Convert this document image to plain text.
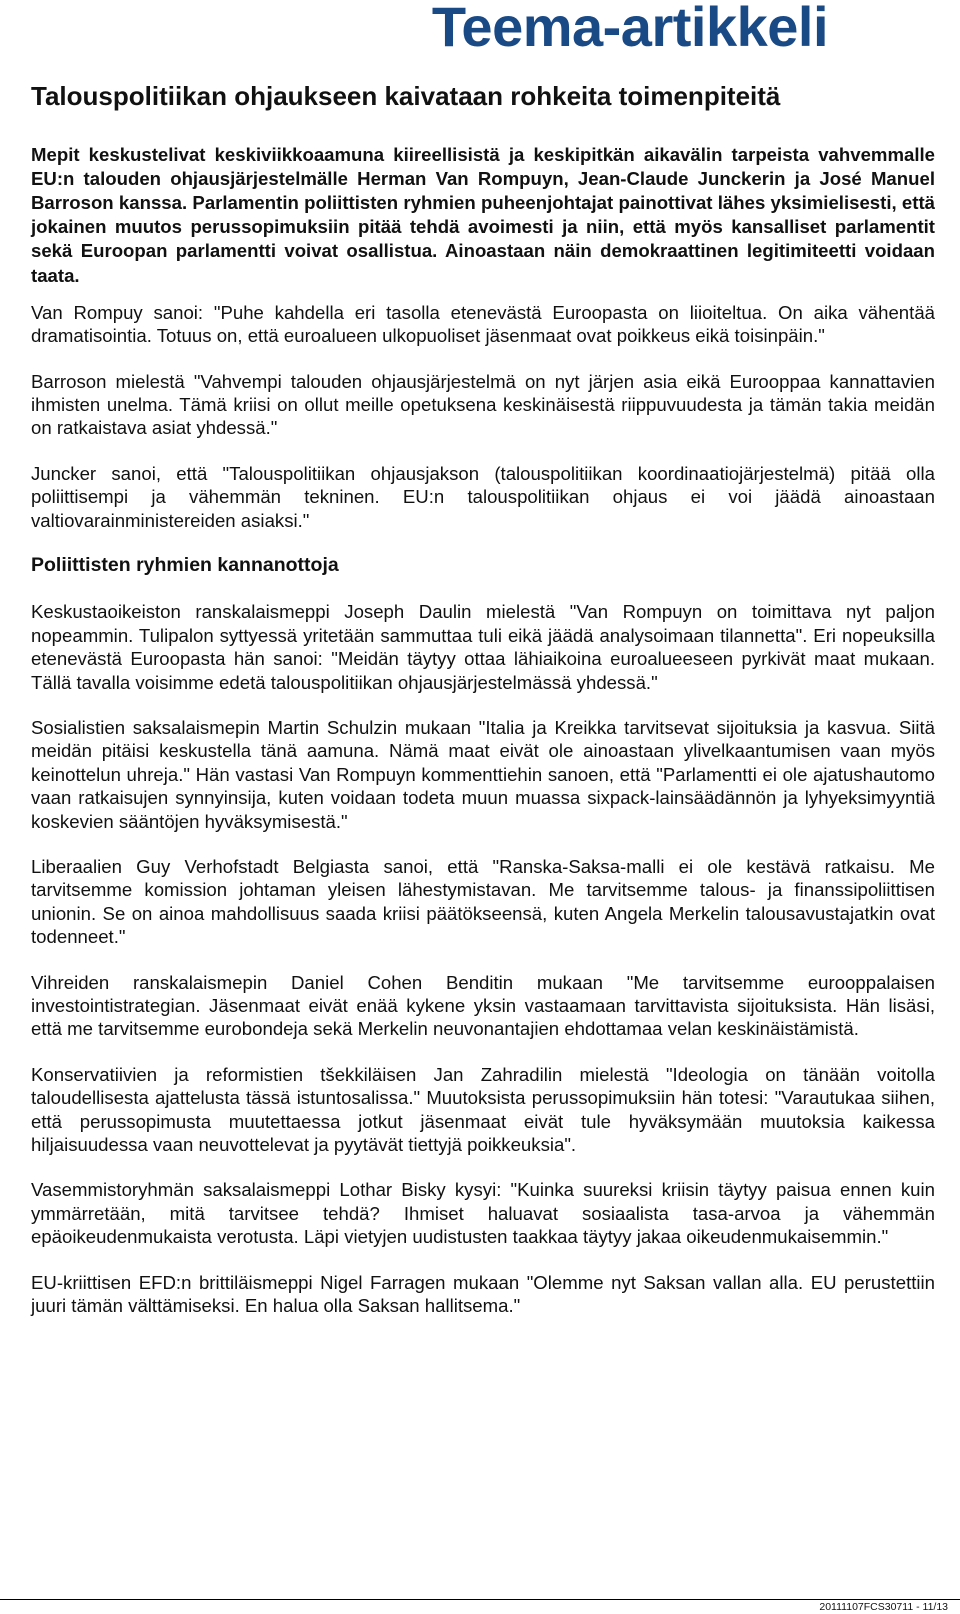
Teema-artikkeli
Talouspolitiikan ohjaukseen kaivataan rohkeita toimenpiteitä

Mepit keskustelivat keskiviikkoaamuna kiireellisistä ja keskipitkän aikavälin tarpeista vahvemmalle EU:n talouden ohjausjärjestelmälle Herman Van Rompuyn, Jean-Claude Junckerin ja José Manuel Barroson kanssa. Parlamentin poliittisten ryhmien puheenjohtajat painottivat lähes yksimielisesti, että jokainen muutos perussopimuksiin pitää tehdä avoimesti ja niin, että myös kansalliset parlamentit sekä Euroopan parlamentti voivat osallistua. Ainoastaan näin demokraattinen legitimiteetti voidaan taata.

Van Rompuy sanoi: "Puhe kahdella eri tasolla etenevästä Euroopasta on liioiteltua. On aika vähentää dramatisointia. Totuus on, että euroalueen ulkopuoliset jäsenmaat ovat poikkeus eikä toisinpäin."

Barroson mielestä "Vahvempi talouden ohjausjärjestelmä on nyt järjen asia eikä Eurooppaa kannattavien ihmisten unelma. Tämä kriisi on ollut meille opetuksena keskinäisestä riippuvuudesta ja tämän takia meidän on ratkaistava asiat yhdessä."

Juncker sanoi, että "Talouspolitiikan ohjausjakson (talouspolitiikan koordinaatiojärjestelmä) pitää olla poliittisempi ja vähemmän tekninen. EU:n talouspolitiikan ohjaus ei voi jäädä ainoastaan valtiovarainministereiden asiaksi."

Poliittisten ryhmien kannanottoja

Keskustaoikeiston ranskalaismeppi Joseph Daulin mielestä "Van Rompuyn on toimittava nyt paljon nopeammin. Tulipalon syttyessä yritetään sammuttaa tuli eikä jäädä analysoimaan tilannetta". Eri nopeuksilla etenevästä Euroopasta hän sanoi: "Meidän täytyy ottaa lähiaikoina euroalueeseen pyrkivät maat mukaan. Tällä tavalla voisimme edetä talouspolitiikan ohjausjärjestelmässä yhdessä."

Sosialistien saksalaismepin Martin Schulzin mukaan "Italia ja Kreikka tarvitsevat sijoituksia ja kasvua. Siitä meidän pitäisi keskustella tänä aamuna. Nämä maat eivät ole ainoastaan ylivelkaantumisen vaan myös keinottelun uhreja." Hän vastasi Van Rompuyn kommenttiehin sanoen, että "Parlamentti ei ole ajatushautomo vaan ratkaisujen synnyinsija, kuten voidaan todeta muun muassa sixpack-lainsäädännön ja lyhyeksimyyntiä koskevien sääntöjen hyväksymisestä."

Liberaalien Guy Verhofstadt Belgiasta sanoi, että "Ranska-Saksa-malli ei ole kestävä ratkaisu. Me tarvitsemme komission johtaman yleisen lähestymistavan. Me tarvitsemme talous- ja finanssipoliittisen unionin. Se on ainoa mahdollisuus saada kriisi päätökseensä, kuten Angela Merkelin talousavustajatkin ovat todenneet."

Vihreiden ranskalaismepin Daniel Cohen Benditin mukaan "Me tarvitsemme eurooppalaisen investointistrategian. Jäsenmaat eivät enää kykene yksin vastaamaan tarvittavista sijoituksista. Hän lisäsi, että me tarvitsemme eurobondeja sekä Merkelin neuvonantajien ehdottamaa velan keskinäistämistä.

Konservatiivien ja reformistien tšekkiläisen Jan Zahradilin mielestä "Ideologia on tänään voitolla taloudellisesta ajattelusta tässä istuntosalissa." Muutoksista perussopimuksiin hän totesi: "Varautukaa siihen, että perussopimusta muutettaessa jotkut jäsenmaat eivät tule hyväksymään muutoksia kaikessa hiljaisuudessa vaan neuvottelevat ja pyytävät tiettyjä poikkeuksia".

Vasemmistoryhmän saksalaismeppi Lothar Bisky kysyi: "Kuinka suureksi kriisin täytyy paisua ennen kuin ymmärretään, mitä tarvitsee tehdä? Ihmiset haluavat sosiaalista tasa-arvoa ja vähemmän epäoikeudenmukaista verotusta. Läpi vietyjen uudistusten taakkaa täytyy jakaa oikeudenmukaisemmin."

EU-kriittisen EFD:n brittiläismeppi Nigel Farragen mukaan "Olemme nyt Saksan vallan alla. EU perustettiin juuri tämän välttämiseksi. En halua olla Saksan hallitsema."

20111107FCS30711 - 11/13
